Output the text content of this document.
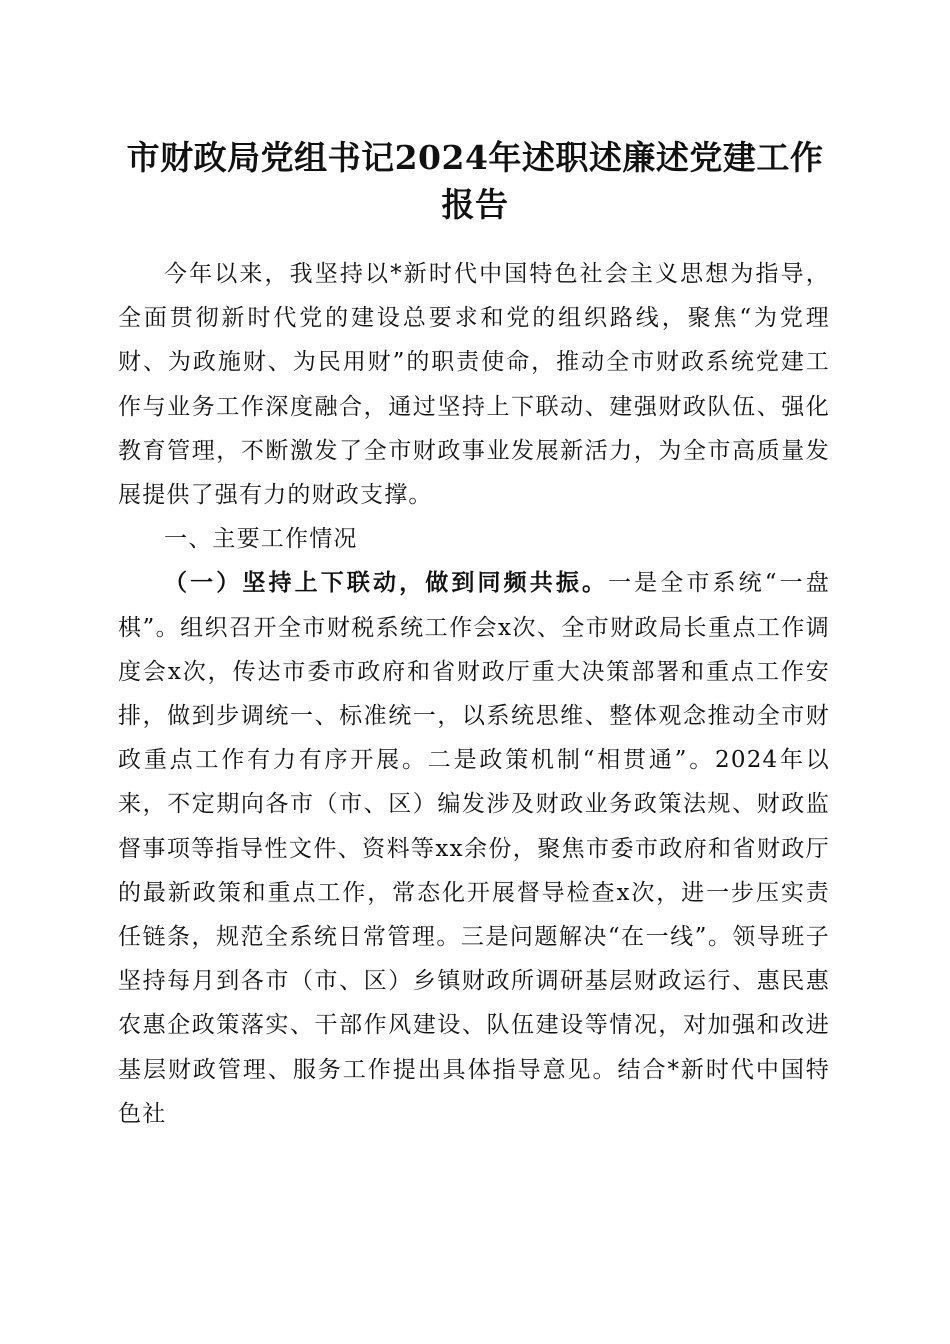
市财政局党组书记2024年述职述廉述党建工作报告

今年以来，我坚持以*新时代中国特色社会主义思想为指导，全面贯彻新时代党的建设总要求和党的组织路线，聚焦“为党理财、为政施财、为民用财”的职责使命，推动全市财政系统党建工作与业务工作深度融合，通过坚持上下联动、建强财政队伍、强化教育管理，不断激发了全市财政事业发展新活力，为全市高质量发展提供了强有力的财政支撑。

一、主要工作情况

（一）坚持上下联动，做到同频共振。一是全市系统“一盘棋”。组织召开全市财税系统工作会x次、全市财政局长重点工作调度会x次，传达市委市政府和省财政厅重大决策部署和重点工作安排，做到步调统一、标准统一，以系统思维、整体观念推动全市财政重点工作有力有序开展。二是政策机制“相贯通”。2024年以来，不定期向各市（市、区）编发涉及财政业务政策法规、财政监督事项等指导性文件、资料等xx余份，聚焦市委市政府和省财政厅的最新政策和重点工作，常态化开展督导检查x次，进一步压实责任链条，规范全系统日常管理。三是问题解决“在一线”。领导班子坚持每月到各市（市、区）乡镇财政所调研基层财政运行、惠民惠农惠企政策落实、干部作风建设、队伍建设等情况，对加强和改进基层财政管理、服务工作提出具体指导意见。结合*新时代中国特色社
